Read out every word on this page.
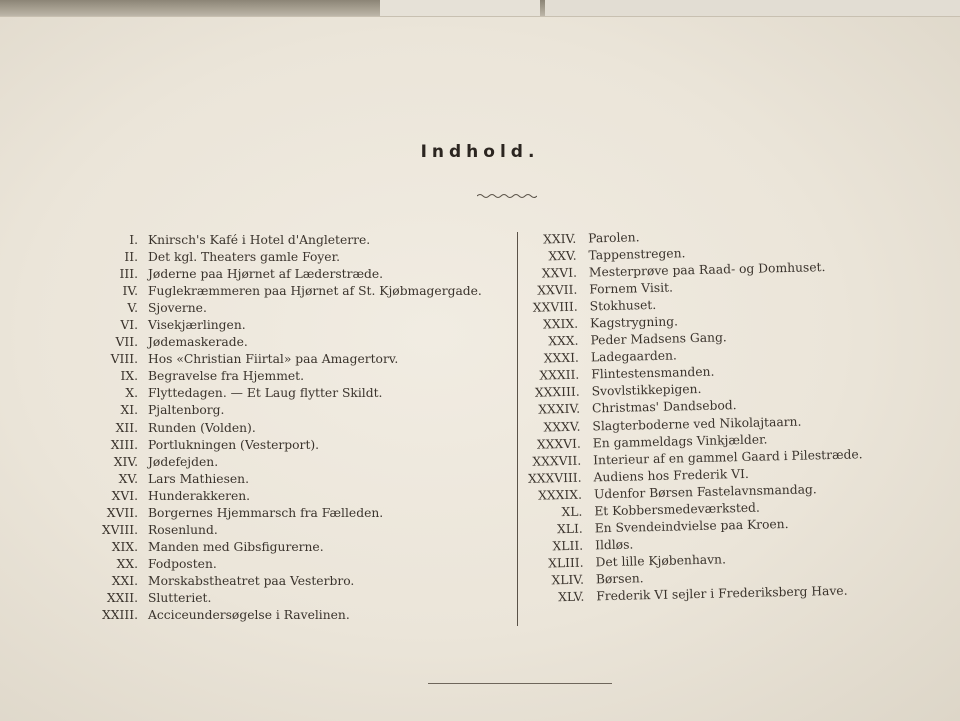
Indhold.
I. Knirsch's Kafé i Hotel d'Angleterre.
II. Det kgl. Theaters gamle Foyer.
III. Jøderne paa Hjørnet af Læderstræde.
IV. Fuglekræmmeren paa Hjørnet af St. Kjøbmagergade.
V. Sjoverne.
VI. Visekjærlingen.
VII. Jødemaskerade.
VIII. Hos «Christian Fiirtal» paa Amagertorv.
IX. Begravelse fra Hjemmet.
X. Flyttedagen. — Et Laug flytter Skildt.
XI. Pjaltenborg.
XII. Runden (Volden).
XIII. Portlukningen (Vesterport).
XIV. Jødefejden.
XV. Lars Mathiesen.
XVI. Hunderakkeren.
XVII. Borgernes Hjemmarsch fra Fælleden.
XVIII. Rosenlund.
XIX. Manden med Gibsfigurerne.
XX. Fodposten.
XXI. Morskabstheatret paa Vesterbro.
XXII. Slutteriet.
XXIII. Acciceundersøgelse i Ravelinen.
XXIV. Parolen.
XXV. Tappenstregen.
XXVI. Mesterprøve paa Raad- og Domhuset.
XXVII. Fornem Visit.
XXVIII. Stokhuset.
XXIX. Kagstrygning.
XXX. Peder Madsens Gang.
XXXI. Ladegaarden.
XXXII. Flintestensmanden.
XXXIII. Svovlstikkepigen.
XXXIV. Christmas' Dandsebod.
XXXV. Slagterboderne ved Nikolajtaarn.
XXXVI. En gammeldags Vinkjælder.
XXXVII. Interieur af en gammel Gaard i Pilestræde.
XXXVIII. Audiens hos Frederik VI.
XXXIX. Udenfor Børsen Fastelavnsmandag.
XL. Et Kobbersmedeværksted.
XLI. En Svendeindvielse paa Kroen.
XLII. Ildløs.
XLIII. Det lille Kjøbenhavn.
XLIV. Børsen.
XLV. Frederik VI sejler i Frederiksberg Have.
